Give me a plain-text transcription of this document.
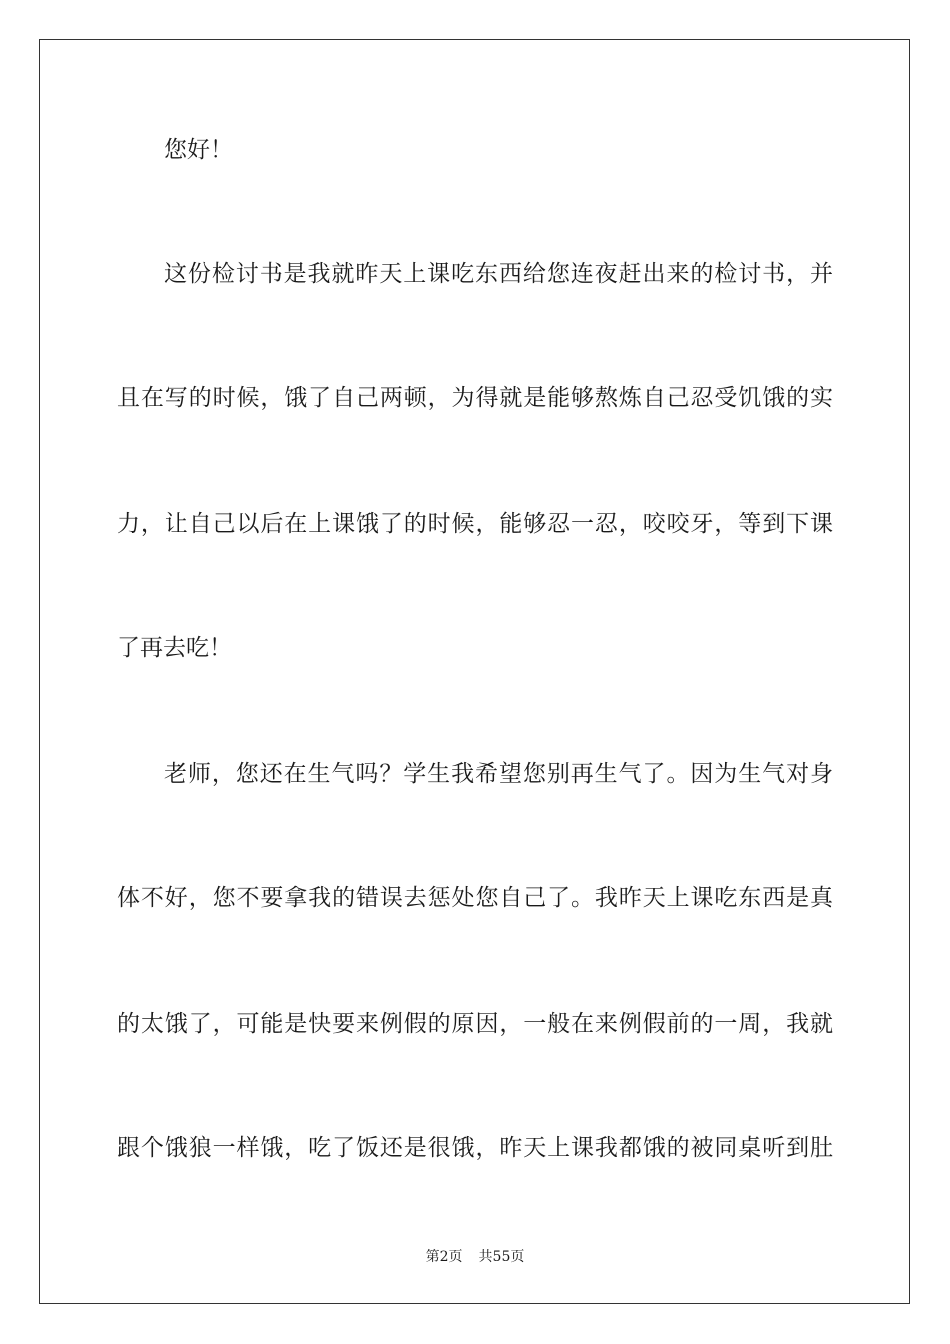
您好！
这份检讨书是我就昨天上课吃东西给您连夜赶出来的检讨书，并
且在写的时候，饿了自己两顿，为得就是能够熬炼自己忍受饥饿的实
力，让自己以后在上课饿了的时候，能够忍一忍，咬咬牙，等到下课
了再去吃！
老师，您还在生气吗？学生我希望您别再生气了。因为生气对身
体不好，您不要拿我的错误去惩处您自己了。我昨天上课吃东西是真
的太饿了，可能是快要来例假的原因，一般在来例假前的一周，我就
跟个饿狼一样饿，吃了饭还是很饿，昨天上课我都饿的被同桌听到肚
第2页 共55页
